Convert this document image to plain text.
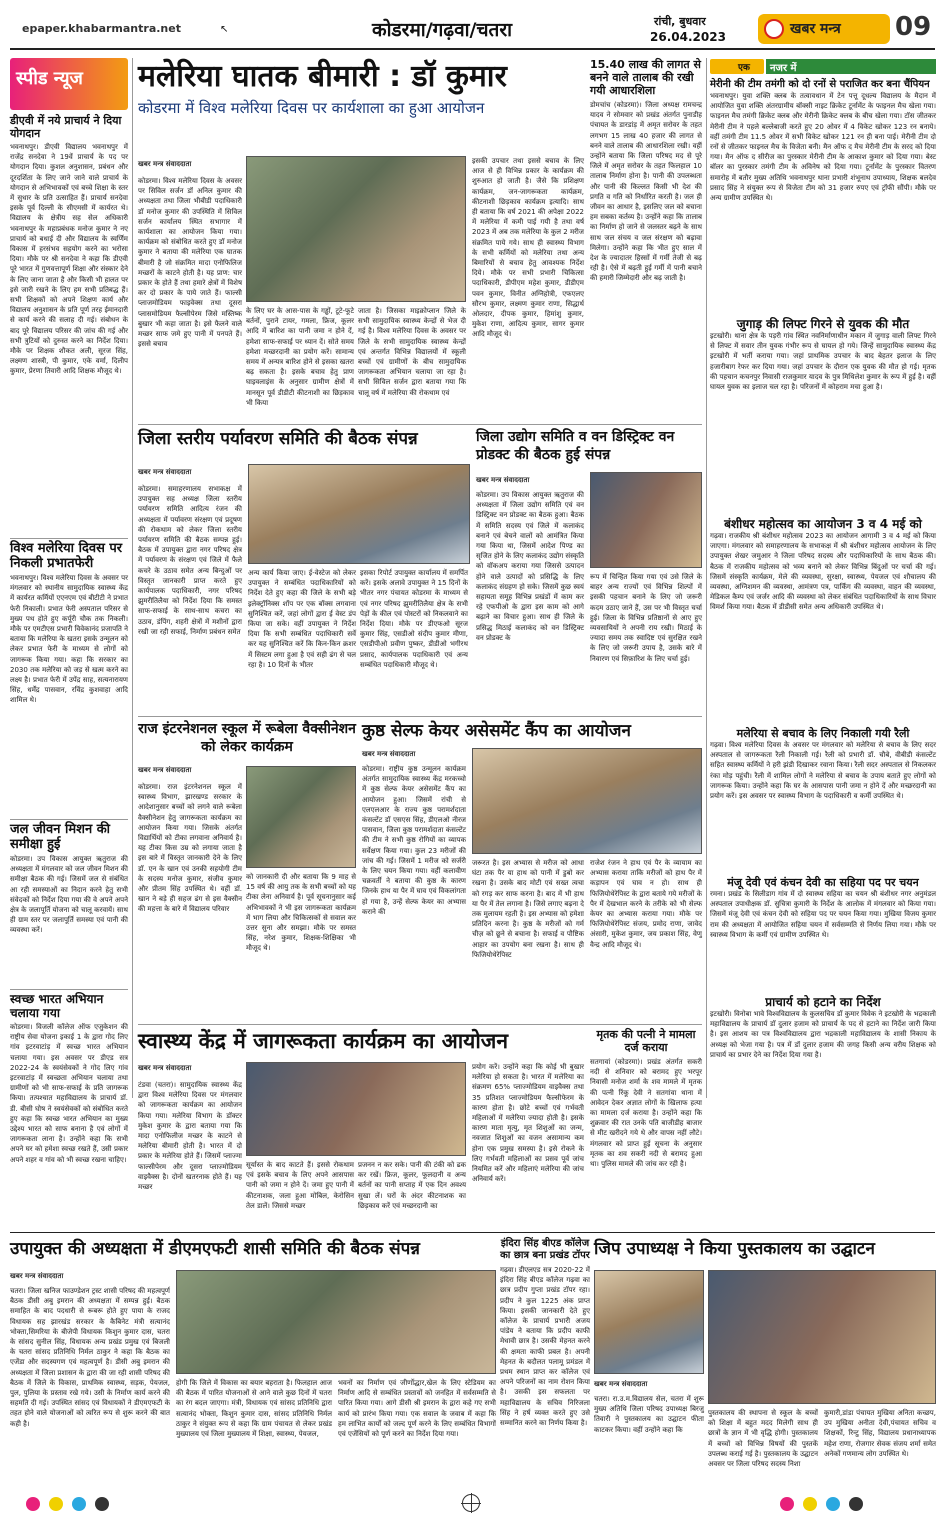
epaper.khabarmantra.net	↖	कोडरमा/गढ़वा/चतरा	रांची, बुधवार
26.04.2023	खबर मन्त्र 09
स्पीड न्यूज
डीएवी में नये प्राचार्य ने दिया योगदान
भवनाथपुर। डीएवी विद्यालय भवनाथपुर में राजेंद्र सनदेवा ने 19वें प्राचार्य के पद पर योगदान दिया। कुशल अनुशासन, प्रबंधन और दूरदर्शिता के लिए जाने जाने वाले प्राचार्य के योगदान से अभिभावकों एवं बच्चे शिक्षा के स्तर में सुधार के प्रति उत्साहित हैं। प्राचार्य सनदेवा इसके पूर्व दिल्ली के सीएमसी में कार्यरत थे। विद्यालय के क्षेत्रीय सह सेल अधिकारी भवनाथपुर के महाप्रबंधक मनोज कुमार ने नए प्राचार्य को बधाई दी और विद्यालय के स्वर्णिम विकास में हरसंभव सहयोग करने का भरोसा दिया। मौके पर श्री सनदेवा ने कहा कि डीएवी पूरे भारत में गुणवत्तापूर्ण शिक्षा और संस्कार देने के लिए जाना जाता है और किसी भी हालत पर इसे जारी रखने के लिए हम सभी प्रतिबद्ध हैं। सभी शिक्षकों को अपने शिक्षण कार्य और विद्यालय अनुशासन के प्रति पूर्ण तरह ईमानदारी से कार्य करने की सलाह दी गई। संबोधन के बाद पूरे विद्यालय परिसर की जांच की गई और सभी त्रुटियों को दुरुस्त करने का निर्देश दिया। मौके पर शिक्षक शौकत अली, सूरज सिंह, लक्ष्मण शास्त्री, पी कुमार, एके वर्मा, दिलीप कुमार, प्रेरणा तिवारी आदि शिक्षक मौजूद थे।
विश्व मलेरिया दिवस पर निकली प्रभातफेरी
भवनाथपुर। विश्व मलेरिया दिवस के अवसर पर मंगलवार को स्थानीय सामुदायिक स्वास्थ्य केंद्र में कार्यरत कर्मियों एएनएम एवं बीटीटी ने प्रभात फेरी निकाली। प्रभात फेरी अस्पताल परिसर से मुख्य पथ होते हुए कर्पूरी चौक तक निकली। मौके पर एमटीएस प्रभारी विवेकानंद प्रजापति ने बताया कि मलेरिया के खतरा इसके उन्मूलन को लेकर प्रभात फेरी के माध्यम से लोगों को जागरूक किया गया। कहा कि सरकार का 2030 तक मलेरिया को जड़ से खत्म करने का लक्ष्य है। प्रभात फेरी में उपेंद्र साह, सत्यनारायण सिंह, धर्मेंद्र पासवान, रविंद्र कुशवाहा आदि शामिल थे।
जल जीवन मिशन की समीक्षा हुई
कोडरमा। उप विकास आयुक्त ऋतुराज की अध्यक्षता में मंगलवार को जल जीवन मिशन की समीक्षा बैठक की गई। जिसमें जल से संबंधित आ रही समस्याओं का निदान करने हेतु सभी संवेदकों को निर्देश दिया गया की वे अपने अपने क्षेत्र के जलापूर्ति योजना को चालू करवायें। साथ ही ग्राम स्तर पर जलापूर्ति समस्या एवं पानी की व्यवस्था करें।
स्वच्छ भारत अभियान चलाया गया
कोडरमा। विजली कॉलेज ऑफ एजुकेशन की राष्ट्रीय सेवा योजना इकाई 1 के द्वारा गोद लिए गांव इटरवाटांड़ में स्वच्छ भारत अभियान चलाया गया। इस अवसर पर डीएड सत्र 2022-24 के स्वयंसेवकों ने गोद लिए गांव इटरवाटांड़ में स्वच्छता अभियान चलाया तथा ग्रामीणों को भी साफ-सफाई के प्रति जागरूक किया। तत्पश्चात महाविद्यालय के प्राचार्य डॉ. डी. बीसी घोष ने स्वयंसेवकों को संबोधित करते हुए कहा कि स्वच्छ भारत अभियान का मुख्य उद्देश्य भारत को साफ बनाना है एवं लोगों में जागरूकता लाना है। उन्होंने कहा कि सभी अपने घर को हमेशा स्वच्छ रखते हैं, उसी प्रकार अपने शहर व गांव को भी स्वच्छ रखना चाहिए।
मलेरिया घातक बीमारी : डॉ कुमार
कोडरमा में विश्व मलेरिया दिवस पर कार्यशाला का हुआ आयोजन
खबर मन्त्र संवाददाता
कोडरमा। विश्व मलेरिया दिवस के अवसर पर सिविल सर्जन डॉ अनिल कुमार की अध्यक्षता तथा जिला भीबीडी पदाधिकारी डॉ मनोज कुमार की उपस्थिति में सिविल सर्जन कार्यालय स्थित सभागार में कार्यशाला का आयोजन किया गया। कार्यक्रम को संबोधित करते हुए डॉ मनोज कुमार ने बताया की मलेरिया एक घातक बीमारी है जो संक्रमित मादा एनोफिलिज मच्छरों के काटने होती है। यह प्राण: चार प्रकार के होते हैं तथा हमारे क्षेत्रों में विशेष कर दो प्रकार के पाये जाते हैं। फाल्सी प्लाजमोडियम फाइवेक्स तथा दूसरा प्लासमोडियम फैल्सीपेरम जिसे मस्तिष्क बुखार भी कहा जाता है। इसे फैलने वाले मच्छर साफ जमे हुए पानी में पनपते हैं। इससे बचाव
के लिए घर के आस-पास के गड्ढों, टूटे-फूटे बर्तनों, पुराने टायर, गमला, फ्रिज, कूलर आदि में बारिश का पानी जमा न होने दें, हमेशा साफ-सफाई पर ध्यान दें। सोते समय हमेशा मच्छरदानी का प्रयोग करें। सामान्य समय में अन्यत्र बारिश होने से इसका खतरा बढ़ सकता है। इसके बचाव हेतु प्राण घाइवलाइंस के अनुसार ग्रामीण क्षेत्रों में मानसून पूर्व डीडीटी कीटनाशी का छिड़काव भी किया
जाता है। जिसका माइक्रोप्लान जिले के सभी सामुदायिक स्वास्थ्य केन्द्रों से भेज दी गई है। विश्व मलेरिया दिवस के अवसर पर जिले के सभी सामुदायिक स्वास्थ्य केन्द्रों एवं अन्तर्गत विभिन्न विद्यालयों में स्कूली बच्चों एवं ग्रामीणों के बीच सामुदायिक जागरूकता अभियान चलाया जा रहा है। सभी सिविल सर्जन द्वारा बताया गया कि चालू वर्ष में मलेरिया की रोकथाम एवं
इसकी उपचार तथा इससे बचाव के लिए आज से ही विभिन्न प्रकार के कार्यक्रम की शुरुआत हो जाती है। जैसे कि प्रशिक्षण कार्यक्रम, जन-जागरूकता कार्यक्रम, कीटनाशी छिड़काव कार्यक्रम इत्यादि। साथ ही बताया कि वर्ष 2021 की अपेक्षा 2022 में मलेरिया में कमी पाई गयी है तथा वर्ष 2023 में अब तक मलेरिया के कुल 2 मरीज संक्रमित पाये गये। साथ ही स्वास्थ्य विभाग के सभी कर्मियों को मलेरिया तथा अन्य बिमारियों से बचाव हेतु आवश्यक निर्देश दिये। मौके पर सभी प्रभारी चिकित्सा पदाधिकारी, डीपीएम महेश कुमार, डीडीएम पवन कुमार, विनीत अग्निहोत्री, एफएलए सौरभ कुमार, लक्ष्मण कुमार राणा, सिद्धार्थ ओलदार, दीपक कुमार, हिमांशु कुमार, मुकेश राणा, आदित्य कुमार, सागर कुमार आदि मौजूद थे।
15.40 लाख की लागत से बनने वाले तालाब की रखी गयी आधारशिला
डोमचांच (कोडरमा)। जिला अध्यक्ष रामचन्द्र यादव ने सोमवार को प्रखंड अंतर्गत पुनाडीह पंचायत के डारडांड़ में अमृत सरोवर के तहत लगभग 15 लाख 40 हजार की लागत से बनने वाले तालाब की आधारशिला रखी। वहीं उन्होंने बताया कि जिला परिषद मद से पूरे जिले में अमृत सरोवर के तहत फिलहाल 10 तालाब निर्माण होना है। पानी की उपलब्धता और पानी की किल्लत किसी भी देश की प्रगति व गति को निर्धारित करती है। जल ही जीवन का आधार है, इसलिए जल को बचाना हम सबका कर्तव्य है। उन्होंने कहा कि तालाब का निर्माण हो जाने से जलस्तर बढ़ने के साथ साथ जल संचय व जल संरक्षण को बढ़ावा मिलेगा। उन्होंने कहा कि भीत हुए साल में देश के ज्यादातर हिस्सों में गर्मी तेजी से बढ़ रही है। ऐसे में बढ़ती हुई गर्मी में पानी बचाने की हमारी जिम्मेदारी और बढ़ जाती है।
एक नजर में
मेरीनी की टीम तमंगी को दो रनों से पराजित कर बना चैंपियन
भवनाथपुर। युवा शक्ति क्लब के तत्वावधान में टेन पत्तू दूधल्य विद्यालय के मैदान में आयोजित युवा शक्ति अंतरग्रामीय बॉक्सी नाइट क्रिकेट टूर्नामेंट के फाइनल मैच खेला गया। फाइनल मैच तमंगी क्रिकेट क्लब और मेरीनी क्रिकेट क्लब के बीच खेला गया। टॉस जीतकर मेरीनी टीम ने पहले बल्लेबाजी करते हुए 20 ओवर में 4 विकेट खोकर 123 रन बनाये। वहीं तमंगी टीम 11.5 ओवर में सभी विकेट खोकर 121 रन ही बना पाई। मेरीनी टीम दो रनों से जीतकर फाइनल मैच के विजेता बनी। मैन ऑफ द मैच मेरीनी टीम के सरद को दिया गया। मैन ऑफ द सीरीज का पुरस्कार मेरीनी टीम के आकाश कुमार को दिया गया। बेस्ट बॉलर का पुरस्कार तमंगी टीम के अविनेष को दिया गया। टूर्नामेंट के पुरस्कार वितरण समारोह में बतौर मुख्य अतिथि भवनाथपुर थाना प्रभारी शंभूनाथ उपाध्याय, शिक्षक बलदेव प्रसाद सिंह ने संयुक्त रूप से विजेता टीम को 31 हजार रुपए एवं ट्रॉफी सौंपी। मौके पर अन्य ग्रामीण उपस्थित थे।
जुगाड़ की लिफ्ट गिरने से युवक की मौत
इटखोरी। थाना क्षेत्र के पड़री गांव स्थित नवनिर्माणाधीन मकान में जुगाड़ वाली लिफ्ट गिरने से लिफ्ट में सवार तीन युवक गंभीर रूप से घायल हो गये। जिन्हें सामुदायिक स्वास्थ्य केंद्र इटखोरी में भर्ती कराया गया। जहां प्राथमिक उपचार के बाद बेहतर इलाज के लिए हजारीबाग रेफर कर दिया गया। जहां उपचार के दौरान एक युवक की मौत हो गई। मृतक की पहचान कचनपुर निवासी राजकुमार यादव के पुत्र मिथिलेश कुमार के रूप में हुई है। वहीं घायल युवक का इलाज चल रहा है। परिजनों में कोहराम मचा हुआ है।
बंशीधर महोत्सव का आयोजन 3 व 4 मई को
गढ़वा। राजकीय श्री बंशीधर महोत्सव 2023 का आयोजन आगामी 3 व 4 मई को किया जाएगा। मंगलवार को समाहरणालय के सभाकक्ष में श्री बंशीधर महोत्सव आयोजन के लिए उपायुक्त शेखर जमुआर ने जिला परिषद सदस्य और पदाधिकारियों के साथ बैठक की। बैठक में राजकीय महोत्सव को भव्य बनाने को लेकर विभिन्न बिंदुओं पर चर्चा की गई। जिसमें संस्कृति कार्यक्रम, मेले की व्यवस्था, सुरक्षा, स्वास्थ्य, पेयजल एवं शौचालय की व्यवस्था, अग्निशमन की व्यवस्था, आमंत्रण पत्र, पार्किंग की व्यवस्था, वाहन की व्यवस्था, मेडिकल कैम्प एवं जर्जर आदि की व्यवस्था को लेकर संबंधित पदाधिकारियों के साथ विचार विमर्श किया गया। बैठक में डीडीसी समेत अन्य अधिकारी उपस्थित थे।
मलेरिया से बचाव के लिए निकाली गयी रैली
गढ़वा। विश्व मलेरिया दिवस के अवसर पर मंगलवार को मलेरिया से बचाव के लिए सदर अस्पताल से जागरूकता रैली निकाली गई। रैली को प्रभारी डॉ. चौबे, वीबीडी कंसल्टेंट सहित स्वास्थ्य कर्मियों ने हरी झंडी दिखाकर रवाना किया। रैली सदर अस्पताल से निकलकर रंका मोड़ पहुंची। रैली में शामिल लोगों ने मलेरिया से बचाव के उपाय बताते हुए लोगों को जागरूक किया। उन्होंने कहा कि घर के आसपास पानी जमा न होने दें और मच्छरदानी का प्रयोग करें। इस अवसर पर स्वास्थ्य विभाग के पदाधिकारी व कर्मी उपस्थित थे।
मंजू देवी एवं कंचन देवी का सहिया पद पर चयन
रमना। प्रखंड के सिलीडाग गांव में दो स्वास्थ्य सहिया का चयन श्री बंशीधर नगर अनुमंडल अस्पताल उपाधीक्षक डॉ. सुचित्रा कुमारी के निर्देश के आलोक में मंगलवार को किया गया। जिसमें मंजू देवी एवं कंचन देवी को सहिया पद पर चयन किया गया। मुखिया विजय कुमार राम की अध्यक्षता में आयोजित सहिया चयन में सर्वसम्मति से निर्णय लिया गया। मौके पर स्वास्थ्य विभाग के कर्मी एवं ग्रामीण उपस्थित थे।
प्राचार्य को हटाने का निर्देश
इटखोरी। विनोबा भावे विश्वविद्यालय के कुलसचिव डॉ कुमार विवेक ने इटखोरी के भद्रकाली महाविद्यालय के प्राचार्य डॉ दुलार हजाम को प्राचार्य के पद से हटाने का निर्देश जारी किया है। इस आशय का पत्र विश्वविद्यालय द्वारा भद्रकाली महाविद्यालय के शासी निकाय के अध्यक्ष को भेजा गया है। पत्र में डॉ दुलार हजाम की जगह किसी अन्य वरीय शिक्षक को प्राचार्य का प्रभार देने का निर्देश दिया गया है।
जिला स्तरीय पर्यावरण समिति की बैठक संपन्न
खबर मन्त्र संवाददाता
कोडरमा। समाहरणालय सभाकक्ष में उपायुक्त सह अध्यक्ष जिला स्तरीय पर्यावरण समिति आदित्य रंजन की अध्यक्षता में पर्यावरण संरक्षण एवं प्रदूषण की रोकथाम को लेकर जिला स्तरीय पर्यावरण समिति की बैठक सम्पन्न हुई। बैठक में उपायुक्त द्वारा नगर परिषद क्षेत्र में पर्यावरण के संरक्षण एवं जिले में फैले कचरे के उठाव समेत अन्य बिन्दुओं पर विस्तृत जानकारी प्राप्त करते हुए कार्यपालक पदाधिकारी, नगर परिषद झुमरीतिलैया को निर्देश दिया कि समस्त साफ-सफाई के साथ-साथ कचरा का उठाव, डंपिंग, शहरी क्षेत्रों में मशीनों द्वारा रखी जा रही सफाई, निर्माण प्रबंधन समेत
अन्य कार्य किया जाए। ई-वेस्टेज को लेकर उपायुक्त ने सम्बंधित पदाधिकारियों को निर्देश देते हुए कहा की जिले के सभी बड़े इलेक्ट्रॉनिक्स शॉप पर एक बॉक्स लगवाना सुनिश्चित करें, जहां लोगों द्वारा ई वेस्ट डंप किया जा सके। वहीं उपायुक्त ने निर्देश दिया कि सभी सम्बंधित पदाधिकारी सर्वे कर यह सुनिश्चित करें कि किन-किन क्रशर में सिस्टम लगा हुआ है एवं सही ढंग से चल रहा है। 10 दिनों के भीतर
इसका रिपोर्ट उपायुक्त कार्यालय में समर्पित करें। इसके अलावे उपायुक्त ने 15 दिनों के भीतर नगर पंचायत कोडरमा के माध्यम से एवं नगर परिषद झुमरीतिलैया क्षेत्र के सभी पेड़ों के कील एवं पोस्टरों को निकलवाने का निर्देश दिया। मौके पर डीएफओ सूरज कुमार सिंह, एसडीओ संदीप कुमार मीणा, एसडीपीओ प्रवीण पुष्कर, डीडीओ भगीरथ प्रसाद, कार्यपालक पदाधिकारी एवं अन्य सम्बंधित पदाधिकारी मौजूद थे।
जिला उद्योग समिति व वन डिस्ट्रिक्ट वन प्रोडक्ट की बैठक हुई संपन्न
खबर मन्त्र संवाददाता
कोडरमा। उप विकास आयुक्त ऋतुराज की अध्यक्षता में जिला उद्योग समिति एवं वन डिस्ट्रिक्ट वन प्रोडक्ट का बैठक हुआ। बैठक में समिति सदस्य एवं जिले में कलाकंद बनाने एवं बेचने वालों को आमंत्रित किया गया किया था, जिसमें आदेश पिण्ड का सृजित होने के लिए कलाकंद उद्योग संस्कृति को वॉकअप कराया गया जिससे उत्पादन होने वाले उत्पादों को प्रसिद्धि के लिए कलाकंद संग्रहण हो सके। जिसमें कुछ स्वयं सहायता समूह विभिन्न प्रखंडों में काम कर रहे एफपीओ के द्वारा इस काम को आगे बढ़ाने का विचार हुआ। साथ ही जिले के प्रसिद्ध मिठाई कलाकंद को वन डिस्ट्रिक्ट वन प्रोडक्ट के
रूप में चिन्हित किया गया एवं उसे जिले के बाहर अन्य राज्यों एवं विभिन्न शिल्पों में इसकी पहचान बनाने के लिए जो जरूरी कदम उठाए जाने हैं, उस पर भी विस्तृत चर्चा हुई। जिला के विभिन्न प्रतिष्ठानों से आए हुए व्यवसायियों ने अपनी राय रखी। मिठाई के ज्यादा समय तक स्वादिष्ट एवं सुरक्षित रखने के लिए जो जरूरी उपाय है, उसके बारे में निवारण एवं सिफ़ारिश के लिए चर्चा हुई।
राज इंटरनेशनल स्कूल में रूबेला वैक्सीनेशन को लेकर कार्यक्रम
खबर मन्त्र संवाददाता
कोडरमा। राज इंटरनेशनल स्कूल में स्वास्थ्य विभाग, झारखण्ड सरकार के आदेशानुसार बच्चों को लगने वाले रूबेला वैक्सीनेशन हेतु जागरूकता कार्यक्रम का आयोजन किया गया। जिसके अंतर्गत विद्यार्थियों को टीका लगवाना अनिवार्य है। यह टीका किस उम्र को लगाया जाता है इस बारे में विस्तृत जानकारी देने के लिए डॉ. एन के खान एवं उनकी सहयोगी टीम के सदस्य मनोज कुमार, संजीव कुमार और प्रीतम सिंह उपस्थित थे। वहीं डॉ. खान ने बड़े ही सहज ढंग से इस वैक्सीन की महत्ता के बारे में विद्यालय परिवार
को जानकारी दी और बताया कि 9 माह से 15 वर्ष की आयु तक के सभी बच्चों को यह टीका लेना अनिवार्य है। पूर्व सूचनानुसार कई अभिभावकों ने भी इस जागरूकता कार्यक्रम में भाग लिया और चिकित्सकों से सवाल कर उत्तर सुना और समझा। मौके पर समस्त सिंह, नरेश कुमार, शिक्षक-शिक्षिका भी मौजूद थे।
कुष्ठ सेल्फ केयर असेसमेंट कैंप का आयोजन
खबर मन्त्र संवाददाता
कोडरमा। राष्ट्रीय कुष्ठ उन्मूलन कार्यक्रम अंतर्गत सामुदायिक स्वास्थ्य केंद्र मरकच्चो में कुष्ठ सेल्फ केयर असेसमेंट कैंप का आयोजन हुआ। जिसमें रांची से एलएलआर के राज्य कुष्ठ परामर्शदाता कंसल्टेंट डॉ एसएस सिंह, डीएलओ नीरज पासवान, जिला कुष्ठ परामर्शदाता कंसल्टेंट की टीम ने सभी कुष्ठ रोगियों का व्यापक सर्वेक्षण किया गया। कुल 23 मरीजों की जांच की गई। जिसमें 1 मरीज को सर्जरी के लिए चयन किया गया। वहीं कलावीण चक्रवर्ती ने बताया की कुष्ठ के कारण जिनके हाथ या पैर में घाव एवं विकलांगता हो गया है, उन्हें सेल्फ केयर का अभ्यास कराने की
जरूरत है। इस अभ्यास से मरीज को आधा घंटा तक पैर या हाथ को पानी में डुबो कर रखना है। उसके बाद मोटी एवं सख्त त्वचा को रगड़ कर साफ करना है। बाद में भी हाथ या पैर में तेल लगाना है। जिसे लगाए बढ़ना दे तक मुलायम रहती है। इस अभ्यास को हमेशा प्रतिदिन करना है। कुष्ठ के मरीजों को गर्म चीज़ को छूने से बचाना है। सफाई व पौष्टिक आहार का उपयोग बना रखना है। साथ ही फिजियोथेरेपिस्ट
राजेश रंजन ने हाथ एवं पैर के व्यायाम का अभ्यास कराया ताकि मरीजों को हाथ पैर में कड़ापन एवं घाव न हो। साथ ही फिजियोथेरेपिस्ट के द्वारा बताये गये मरीजों के पैर में देखभाल करने के तरीके को भी सेल्फ केयर का अभ्यास कराया गया। मौके पर फिजियोथेरेपिस्ट संजय, प्रमोद राणा, जावेद अंसारी, मुकेश कुमार, जय प्रकाश सिंह, वेणु वैन्द्र आदि मौजूद थे।
स्वास्थ्य केंद्र में जागरूकता कार्यक्रम का आयोजन
खबर मन्त्र संवाददाता
टंडवा (चतरा)। सामुदायिक स्वास्थ्य केंद्र द्वारा विश्व मलेरिया दिवस पर मंगलवार को जागरूकता कार्यक्रम का आयोजन किया गया। मलेरिया विभाग के डॉक्टर मुकेश कुमार के द्वारा बताया गया कि मादा एनोफिलीज मच्छर के काटने से मलेरिया बीमारी होती है। भारत में दो प्रकार के मलेरिया होते हैं। जिसमें प्लाज्मा फाल्सीपेरम और दूसरा प्लाज्मोडियम वाइवैक्स है। दोनों खतरनाक होते हैं। यह मच्छर
सूर्यास्त के बाद काटते हैं। इससे रोकथाम एवं इसके बचाव के लिए अपने आसपास पानी को जमा न होने दें। जमा हुए पानी में कीटनाशक, जला हुआ मोबिल, केरोसिन तेल डालें। जिससे मच्छर
प्रजनन न कर सके। पानी की टंकी को ढक कर रखें। फ्रिज, कूलर, फूलदानी व अन्य बर्तनों का पानी सप्ताह में एक दिन अवश्य सुखा लें। घरों के अंदर कीटनाशक का छिड़काव करें एवं मच्छरदानी का
प्रयोग करें। उन्होंने कहा कि कोई भी बुखार मलेरिया हो सकता है। भारत में मलेरिया का संक्रमण 65% प्लाज्मोडियम वाइवैक्स तथा 35 प्रतिशत प्लाज्मोडियम फैल्सीफेरम के कारण होता है। छोटे बच्चों एवं गर्भवती महिलाओं में मलेरिया ज्यादा होती है। इसके कारण माता मृत्यु, मृत शिशुओं का जन्म, नवजात शिशुओं का वजन असामान्य कम होना एक प्रमुख समस्या है। इसे रोकने के लिए गर्भवती महिलाओं का प्रसव पूर्व जांच नियमित करें और महिलाएं मलेरिया की जांच अनिवार्य करें।
मृतक की पत्नी ने मामला दर्ज कराया
सतगावां (कोडरमा)। प्रखंड अंतर्गत सकरी नदी से शनिवार को बरामद हुए भरपूर निवासी मनोज शर्मा के शव मामले में मृतक की पत्नी रिंकू देवी ने सतगांवा थाना में आवेदन देकर अज्ञात लोगों के खिलाफ हत्या का मामला दर्ज कराया है। उन्होंने कहा कि शुक्रवार की रात उनके पति बाजीडीह बाजार से मीट खरीदने गये थे और वापस नहीं लौटे। मंगलवार को प्राप्त हुई सूचना के अनुसार मृतक का शव सकरी नदी से बरामद हुआ था। पुलिस मामले की जांच कर रही है।
उपायुक्त की अध्यक्षता में डीएमएफटी शासी समिति की बैठक संपन्न
खबर मन्त्र संवाददाता
चतरा। जिला खनिज फाउण्डेशन ट्रस्ट शासी परिषद की महत्वपूर्ण बैठक डीसी अबु इमरान की अध्यक्षता में सम्पन्न हुई। बैठक समाहित के बाद पदधारी से रूबरू होते हुए पाया के राजद विधायक सह झारखंड सरकार के कैबिनेट मंत्री सत्यानंद भोक्ता,सिमरिया के बीजेपी विधायक किशुन कुमार दास, चतरा के सांसद सुनील सिंह, विधायक अन्य प्रखंड प्रमुख एवं बिजली के चतरा सांसद प्रतिनिधि निर्मल ठाकुर ने कहा कि बैठक का एजेंडा और सदस्यगण एवं महत्वपूर्ण है। डीसी अबु इमरान की अध्यक्षता में जिला प्रशासन के द्वारा की जा रही शासी परिषद की बैठक में जिले के विकास, प्राथमिक स्वास्थ्य, सड़क, पेयजल, पुल, पुलिया के प्रस्ताव रखे गये। उसी के निर्माण कार्य करने की सहमति दी गई। उपस्थित सांसद एवं विधायकों ने डीएमएफटी के तहत होने वाले योजनाओं को त्वरित रूप से शुरू करने की बात कही है।
होगी कि जिले में विकास का बयार बहराता है। फिलहाल आज की बैठक में पारित योजनाओं से आने वाले कुछ दिनों में चतरा का रंग बदल जाएगा। मंत्री, विधायक एवं सांसद प्रतिनिधि द्वारा सत्यानंद भोक्ता, किशुन कुमार दास, सांसद प्रतिनिधि निर्मल ठाकुर ने संयुक्त रूप से कहा कि ग्राम पंचायत से लेकर प्रखंड मुख्यालय एवं जिला मुख्यालय में शिक्षा, स्वास्थ्य, पेयजल,
भवनों का निर्माण एवं जीर्णोद्धार,खेल के लिए स्टेडियम का निर्माण आदि से सम्बंधित प्रस्तावों को जनहित में सर्वसम्मति से पारित किया गया। आगे डीसी श्री इमरान के द्वारा कहे गए सभी कार्य को प्रारंभ किया गया। एक सवाल के जवाब में कहा कि हम लाभित कार्यों को जल्द पूर्ण करने के लिए सम्बंधित विभागों एवं एजेंसियों को पूर्ण करने का निर्देश दिया गया।
इंदिरा सिंह बीएड कॉलेज का छात्र बना प्रखंड टॉपर
गढ़वा। डीएलएड सत्र 2020-22 में इंदिरा सिंह बीएड कॉलेज गढ़वा का छात्र प्रदीप गुप्ता प्रखंड टॉपर रहा। प्रदीप ने कुल 1225 अंक प्राप्त किया। इसकी जानकारी देते हुए कॉलेज के प्राचार्य प्रभारी अजय पांडेय ने बताया कि प्रदीप काफी मेधावी छात्र है। उसकी मेहनत करने की क्षमता काफी प्रबल है। अपनी मेहनत के बदौलत पलामू प्रमंडल में प्रथम स्थान प्राप्त कर कॉलेज एवं अपने परिजनों का नाम रोशन किया है। उसकी इस सफलता पर महाविद्यालय के सचिव निरिजला सिंह ने हर्ष व्यक्त करते हुए उसे सम्मानित करने का निर्णय किया है।
जिप उपाध्यक्ष ने किया पुस्तकालय का उद्घाटन
खबर मन्त्र संवाददाता
चतरा। रा.उ.म.विद्यालय सेल, चतरा में शुरू मुख्य अतिथि जिला परिषद उपाध्यक्ष बिरजु तिवारी ने पुस्तकालय का उद्घाटन फीता काटकर किया। वहीं उन्होंने कहा कि
पुस्तकालय की स्थापना से स्कूल के बच्चों को शिक्षा में बहुत मदद मिलेगी साथ ही छात्रों के ज्ञान में भी वृद्धि होगी। पुस्तकालय में बच्चों को विभिन्न विषयों की पुस्तकें उपलब्ध कराई गई है। पुस्तकालय के उद्घाटन अवसर पर जिला परिषद सदस्य निशा
कुमारी,डांडा पंचायत मुखिया अनिता कच्छप, उप मुखिया अनीता देवी,पंचायत सचिव व शिक्षकों, रिन्टु सिंह, विद्यालय प्रधानाध्यापक महेश राणा, रोजगार सेवक संजय शर्मा समेत अनेकों गणमान्य लोग उपस्थित थे।
